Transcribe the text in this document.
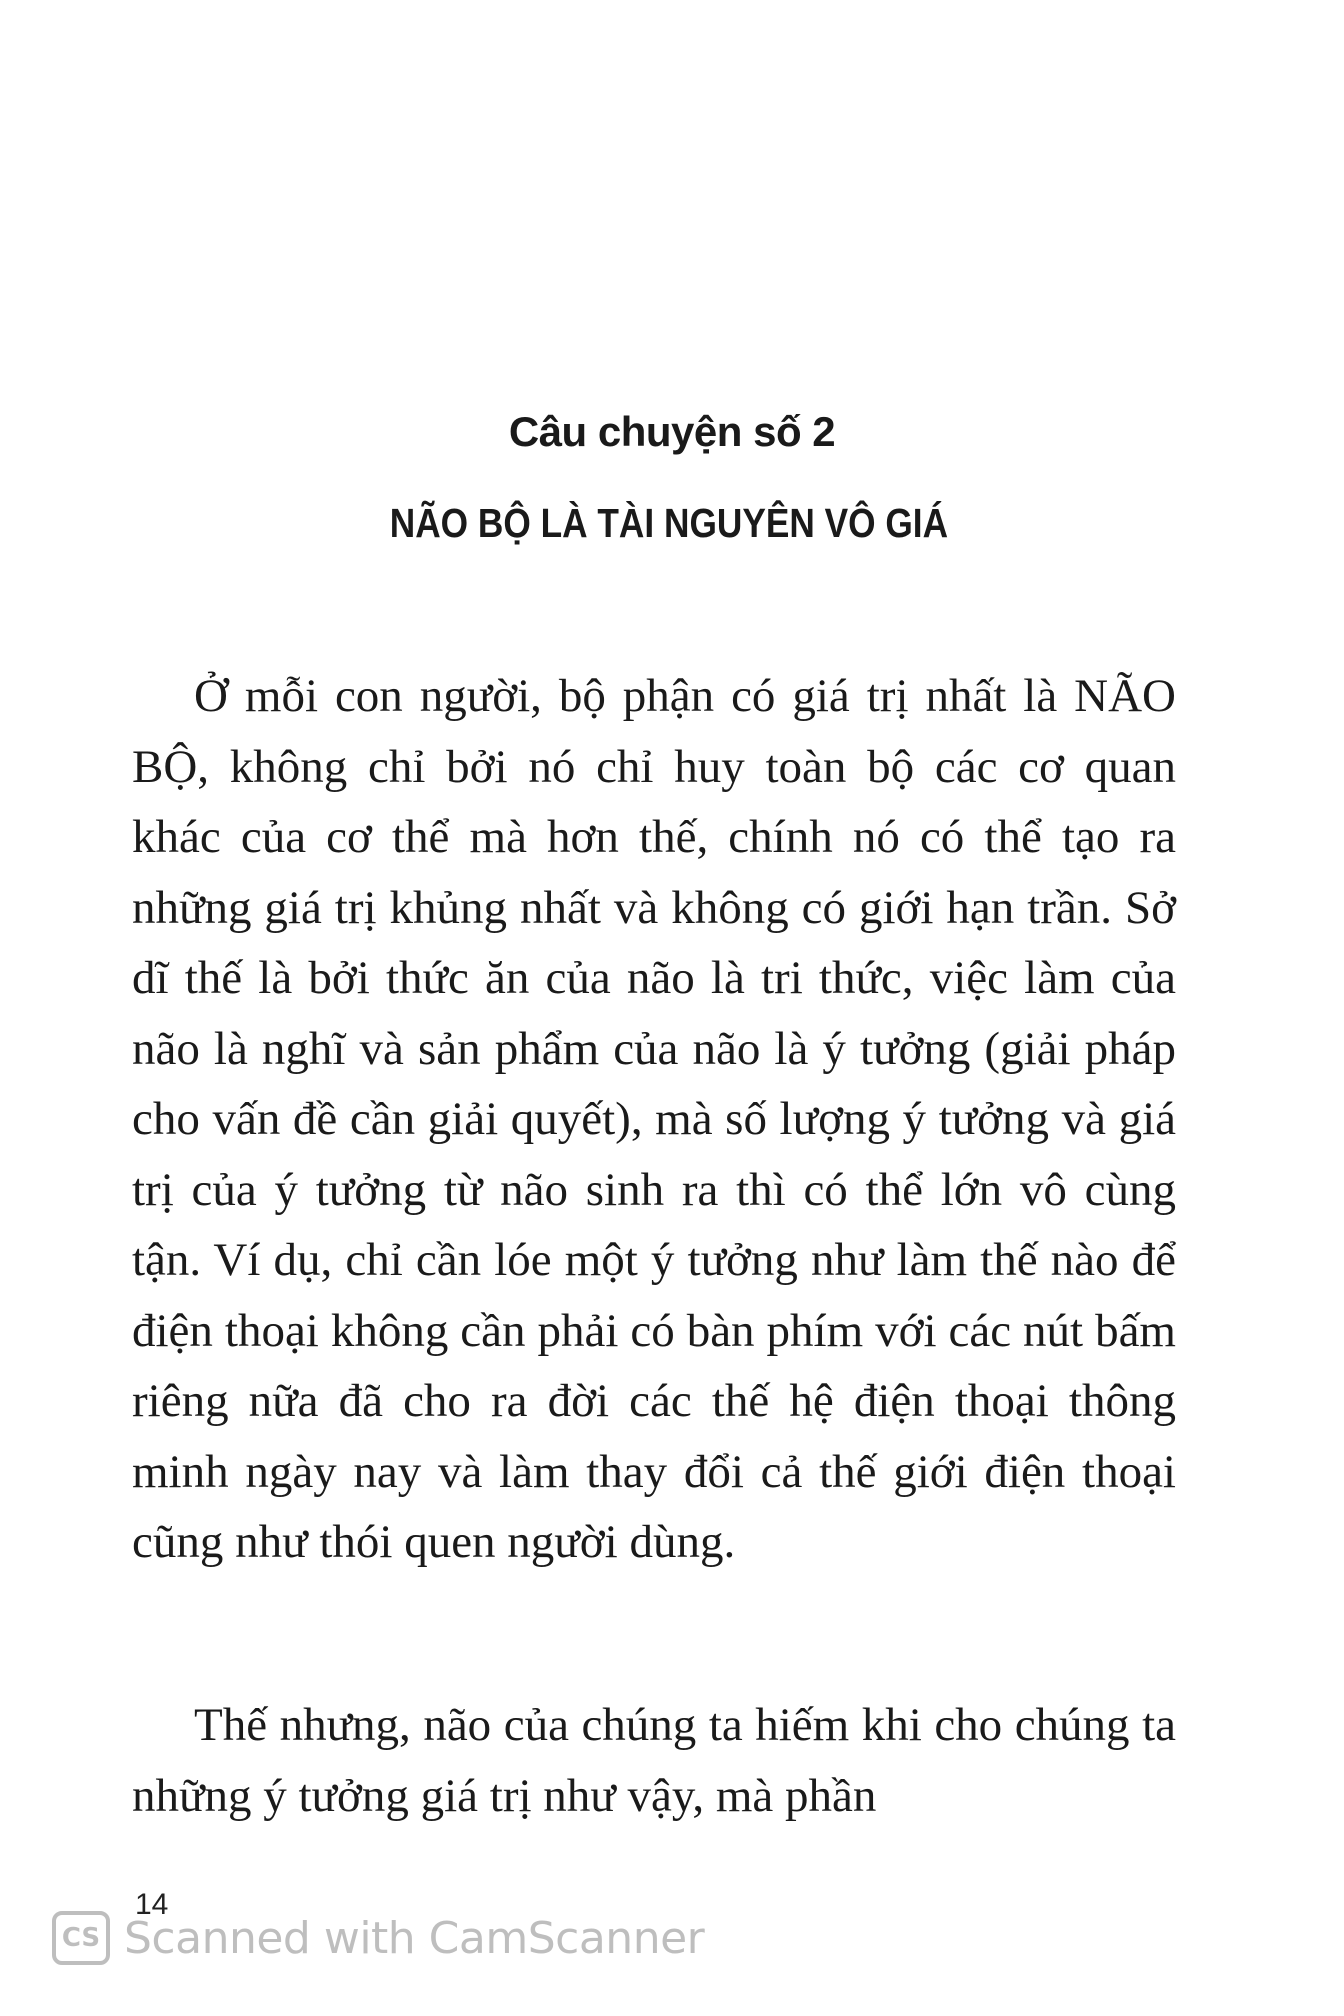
Câu chuyện số 2
NÃO BỘ LÀ TÀI NGUYÊN VÔ GIÁ

Ở mỗi con người, bộ phận có giá trị nhất là NÃO BỘ, không chỉ bởi nó chỉ huy toàn bộ các cơ quan khác của cơ thể mà hơn thế, chính nó có thể tạo ra những giá trị khủng nhất và không có giới hạn trần. Sở dĩ thế là bởi thức ăn của não là tri thức, việc làm của não là nghĩ và sản phẩm của não là ý tưởng (giải pháp cho vấn đề cần giải quyết), mà số lượng ý tưởng và giá trị của ý tưởng từ não sinh ra thì có thể lớn vô cùng tận. Ví dụ, chỉ cần lóe một ý tưởng như làm thế nào để điện thoại không cần phải có bàn phím với các nút bấm riêng nữa đã cho ra đời các thế hệ điện thoại thông minh ngày nay và làm thay đổi cả thế giới điện thoại cũng như thói quen người dùng.

Thế nhưng, não của chúng ta hiếm khi cho chúng ta những ý tưởng giá trị như vậy, mà phần

14
CS Scanned with CamScanner
